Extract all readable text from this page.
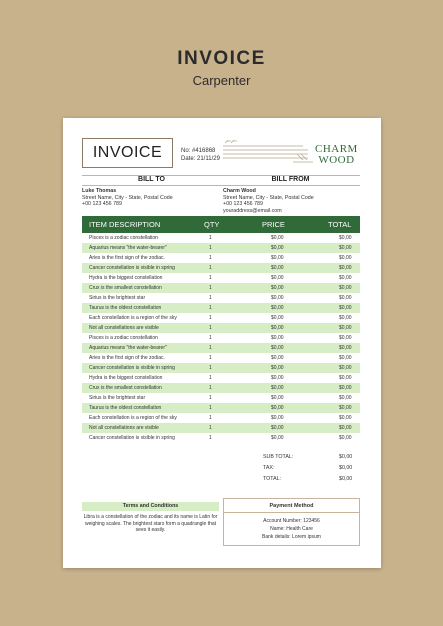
INVOICE
Carpenter
INVOICE	No: #416868
Date: 21/11/29
CHARM
WOOD
BILL TO	BILL FROM
Luke Thomas
Street Name, City - State, Postal Code
+00 123 456 789
Charm Wood
Street Name, City - State, Postal Code
+00 123 456 789
youraddress@email.com
ITEM DESCRIPTION	QTY	PRICE	TOTAL
Pisces is a zodiac constellation	1	$0,00	$0,00
Aquarius means "the water-bearer"	1	$0,00	$0,00
Aries is the first sign of the zodiac.	1	$0,00	$0,00
Cancer constellation is visible in spring	1	$0,00	$0,00
Hydra is the biggest constellation	1	$0,00	$0,00
Crux is the smallest constellation	1	$0,00	$0,00
Sirius is the brightest star	1	$0,00	$0,00
Taurus is the oldest constellation	1	$0,00	$0,00
Each constellation is a region of the sky	1	$0,00	$0,00
Not all constellations are visible	1	$0,00	$0,00
Pisces is a zodiac constellation	1	$0,00	$0,00
Aquarius means "the water-bearer"	1	$0,00	$0,00
Aries is the first sign of the zodiac.	1	$0,00	$0,00
Cancer constellation is visible in spring	1	$0,00	$0,00
Hydra is the biggest constellation	1	$0,00	$0,00
Crux is the smallest constellation	1	$0,00	$0,00
Sirius is the brightest star	1	$0,00	$0,00
Taurus is the oldest constellation	1	$0,00	$0,00
Each constellation is a region of the sky	1	$0,00	$0,00
Not all constellations are visible	1	$0,00	$0,00
Cancer constellation is visible in spring	1	$0,00	$0,00
SUB TOTAL:	$0,00
TAX:	$0,00
TOTAL:	$0,00
Terms and Conditions
Libra is a constellation of the zodiac and its name is Latin for weighing scales. The brightest stars form a quadrangle that sees it easily.
Payment Method
Account Number: 123456
Name: Health Care
Bank details: Lorem ipsum
